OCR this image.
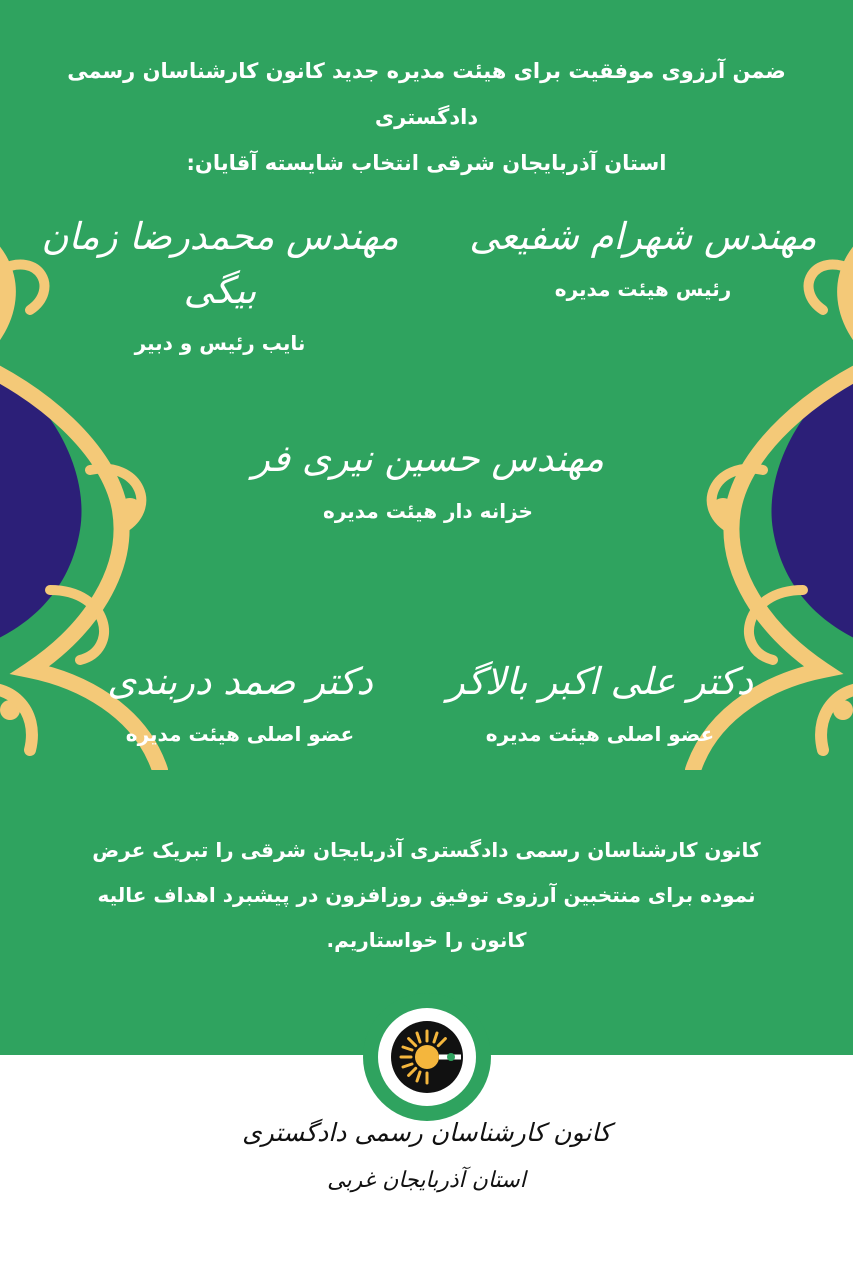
ضمن آرزوی موفقیت برای هیئت مدیره جدید کانون کارشناسان رسمی دادگستری
استان آذربایجان شرقی انتخاب شایسته آقایان:
مهندس شهرام شفیعی
رئیس هیئت مدیره
مهندس محمدرضا زمان بیگی
نایب رئیس و دبیر
مهندس حسین نیری فر
خزانه دار هیئت مدیره
دکتر علی اکبر بالاگر
عضو اصلی هیئت مدیره
دکتر صمد دربندی
عضو اصلی هیئت مدیره
کانون کارشناسان رسمی دادگستری آذربایجان شرقی را تبریک عرض
نموده برای منتخبین آرزوی توفیق روزافزون در پیشبرد اهداف عالیه
کانون را خواستاریم.
کانون کارشناسان رسمی دادگستری
استان آذربایجان غربی
